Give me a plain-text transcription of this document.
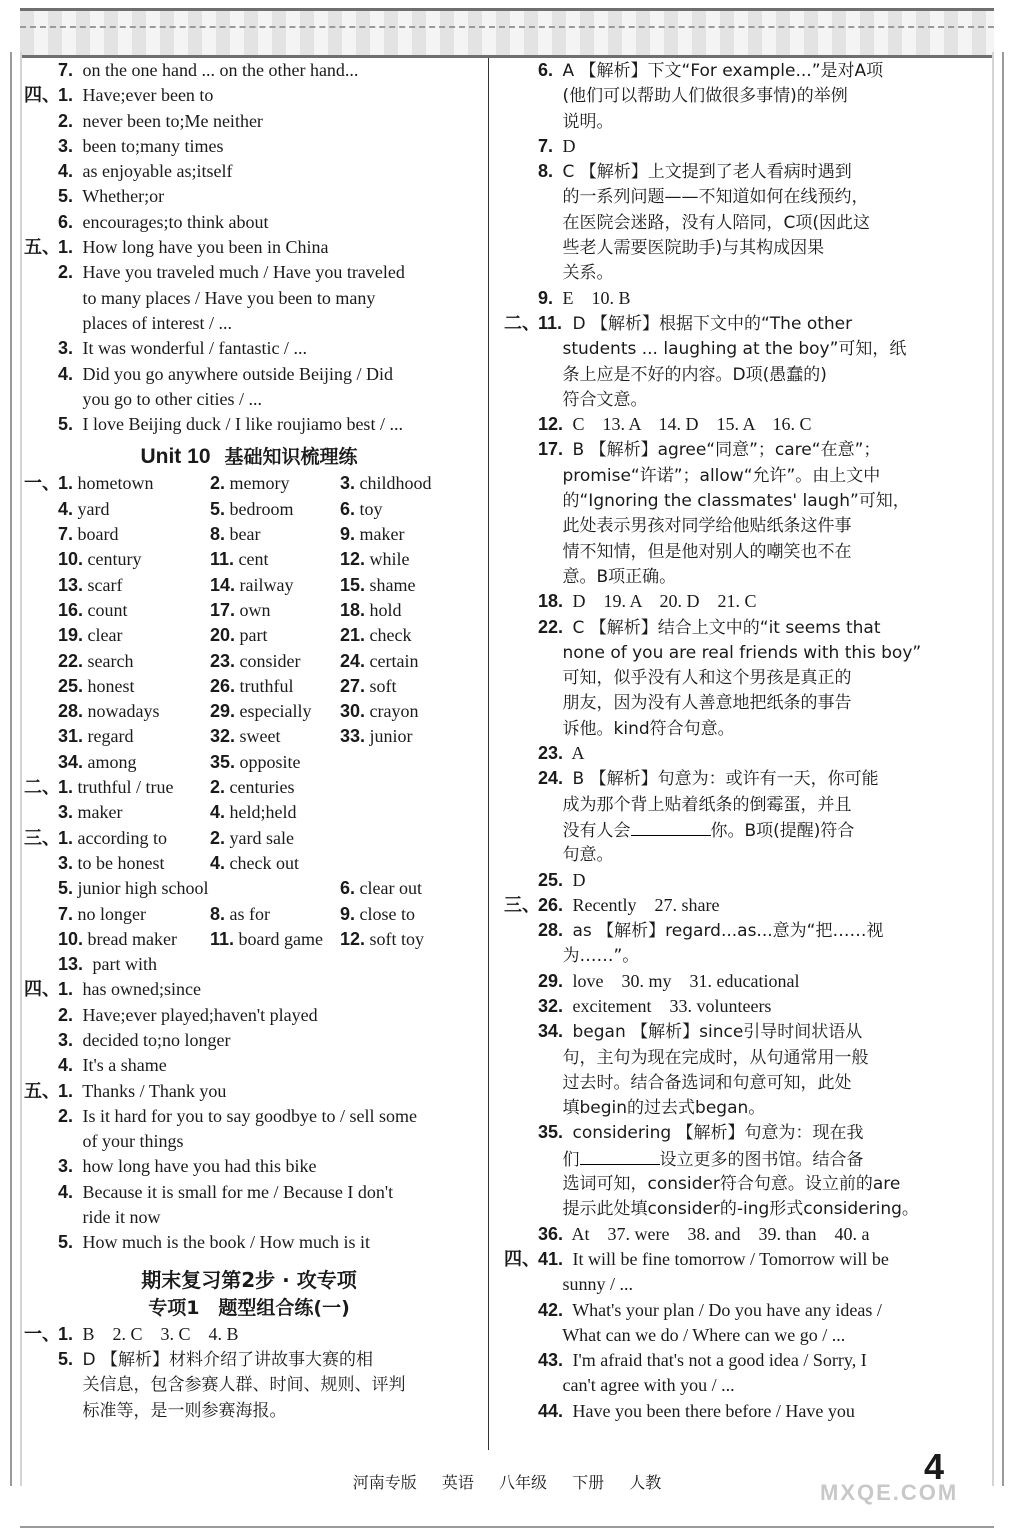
7. on the one hand ... on the other hand...
四、1. Have;ever been to
2. never been to;Me neither
3. been to;many times
4. as enjoyable as;itself
5. Whether;or
6. encourages;to think about
五、1. How long have you been in China
2. Have you traveled much / Have you traveled
to many places / Have you been to many
places of interest / ...
3. It was wonderful / fantastic / ...
4. Did you go anywhere outside Beijing / Did
you go to other cities / ...
5. I love Beijing duck / I like roujiamo best / ...
Unit 10 基础知识梳理练
一、1. hometown	2. memory	3. childhood
4. yard	5. bedroom	6. toy
7. board	8. bear	9. maker
10. century	11. cent	12. while
13. scarf	14. railway	15. shame
16. count	17. own	18. hold
19. clear	20. part	21. check
22. search	23. consider 24. certain
25. honest	26. truthful	27. soft
28. nowadays	29. especially 30. crayon
31. regard	32. sweet	33. junior
34. among	35. opposite
二、1. truthful / true 2. centuries
3. maker	4. held;held
三、1. according to 2. yard sale
3. to be honest	4. check out
5. junior high school	6. clear out
7. no longer	8. as for	9. close to
10. bread maker 11. board game 12. soft toy
13. part with
四、1. has owned;since
2. Have;ever played;haven't played
3. decided to;no longer
4. It's a shame
五、1. Thanks / Thank you
2. Is it hard for you to say goodbye to / sell some
of your things
3. how long have you had this bike
4. Because it is small for me / Because I don't
ride it now
5. How much is the book / How much is it
期末复习第2步 · 攻专项
专项1　题型组合练(一)
一、1. B　2. C　3. C　4. B
5. D 【解析】材料介绍了讲故事大赛的相
关信息，包含参赛人群、时间、规则、评判
标准等，是一则参赛海报。
6. A 【解析】下文“For example...”是对A项
(他们可以帮助人们做很多事情)的举例
说明。
7. D
8. C 【解析】上文提到了老人看病时遇到
的一系列问题——不知道如何在线预约，
在医院会迷路，没有人陪同，C项(因此这
些老人需要医院助手)与其构成因果
关系。
9. E　10. B
二、11. D 【解析】根据下文中的“The other
students ... laughing at the boy”可知，纸
条上应是不好的内容。D项(愚蠢的)
符合文意。
12. C　13. A　14. D　15. A　16. C
17. B 【解析】agree“同意”；care“在意”；
promise“许诺”；allow“允许”。由上文中
的“Ignoring the classmates' laugh”可知，
此处表示男孩对同学给他贴纸条这件事
情不知情，但是他对别人的嘲笑也不在
意。B项正确。
18. D　19. A　20. D　21. C
22. C 【解析】结合上文中的“it seems that
none of you are real friends with this boy”
可知，似乎没有人和这个男孩是真正的
朋友，因为没有人善意地把纸条的事告
诉他。kind符合句意。
23. A
24. B 【解析】句意为：或许有一天，你可能
成为那个背上贴着纸条的倒霉蛋，并且
没有人会	你。B项(提醒)符合
句意。
25. D
三、26. Recently　27. share
28. as 【解析】regard...as...意为“把……视
为……”。
29. love　30. my　31. educational
32. excitement　33. volunteers
34. began 【解析】since引导时间状语从
句，主句为现在完成时，从句通常用一般
过去时。结合备选词和句意可知，此处
填begin的过去式began。
35. considering 【解析】句意为：现在我
们	设立更多的图书馆。结合备
选词可知，consider符合句意。设立前的are
提示此处填consider的-ing形式considering。
36. At　37. were　38. and　39. than　40. a
四、41. It will be fine tomorrow / Tomorrow will be
sunny / ...
42. What's your plan / Do you have any ideas /
What can we do / Where can we go / ...
43. I'm afraid that's not a good idea / Sorry, I
can't agree with you / ...
44. Have you been there before / Have you
河南专版 英语 八年级 下册 人教	4
MXQE.COM
